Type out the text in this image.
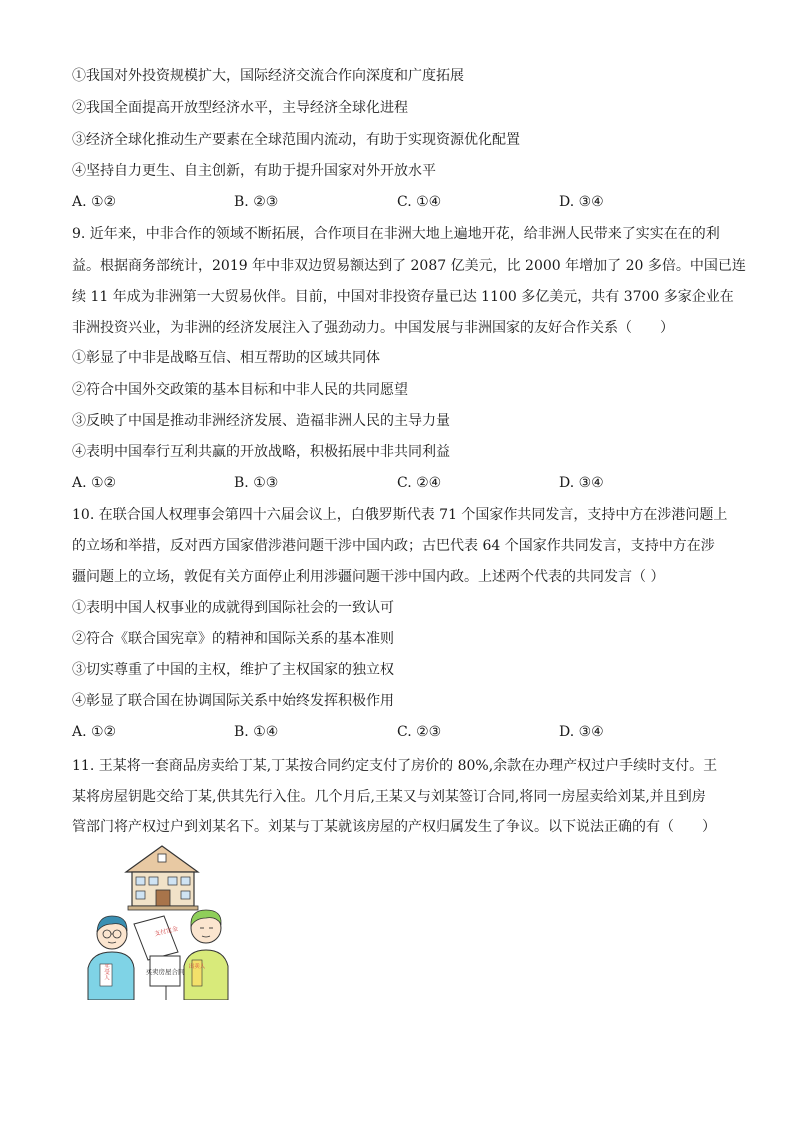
①我国对外投资规模扩大，国际经济交流合作向深度和广度拓展
②我国全面提高开放型经济水平，主导经济全球化进程
③经济全球化推动生产要素在全球范围内流动，有助于实现资源优化配置
④坚持自力更生、自主创新，有助于提升国家对外开放水平
A. ①②	B. ②③	C. ①④	D. ③④
9. 近年来，中非合作的领域不断拓展，合作项目在非洲大地上遍地开花，给非洲人民带来了实实在在的利
益。根据商务部统计，2019 年中非双边贸易额达到了 2087 亿美元，比 2000 年增加了 20 多倍。中国已连
续 11 年成为非洲第一大贸易伙伴。目前，中国对非投资存量已达 1100 多亿美元，共有 3700 多家企业在
非洲投资兴业，为非洲的经济发展注入了强劲动力。中国发展与非洲国家的友好合作关系（　　）
①彰显了中非是战略互信、相互帮助的区域共同体
②符合中国外交政策的基本目标和中非人民的共同愿望
③反映了中国是推动非洲经济发展、造福非洲人民的主导力量
④表明中国奉行互利共赢的开放战略，积极拓展中非共同利益
A. ①②	B. ①③	C. ②④	D. ③④
10. 在联合国人权理事会第四十六届会议上，白俄罗斯代表 71 个国家作共同发言，支持中方在涉港问题上
的立场和举措，反对西方国家借涉港问题干涉中国内政；古巴代表 64 个国家作共同发言，支持中方在涉
疆问题上的立场，敦促有关方面停止利用涉疆问题干涉中国内政。上述两个代表的共同发言（ ）
①表明中国人权事业的成就得到国际社会的一致认可
②符合《联合国宪章》的精神和国际关系的基本准则
③切实尊重了中国的主权，维护了主权国家的独立权
④彰显了联合国在协调国际关系中始终发挥积极作用
A. ①②	B. ①④	C. ②③	D. ③④
11. 王某将一套商品房卖给丁某,丁某按合同约定支付了房价的 80%,余款在办理产权过户手续时支付。王
某将房屋钥匙交给丁某,供其先行入住。几个月后,王某又与刘某签订合同,将同一房屋卖给刘某,并且到房
管部门将产权过户到刘某名下。刘某与丁某就该房屋的产权归属发生了争议。以下说法正确的有（　　）
买受人	出卖人
支付定金
买卖房屋合同
